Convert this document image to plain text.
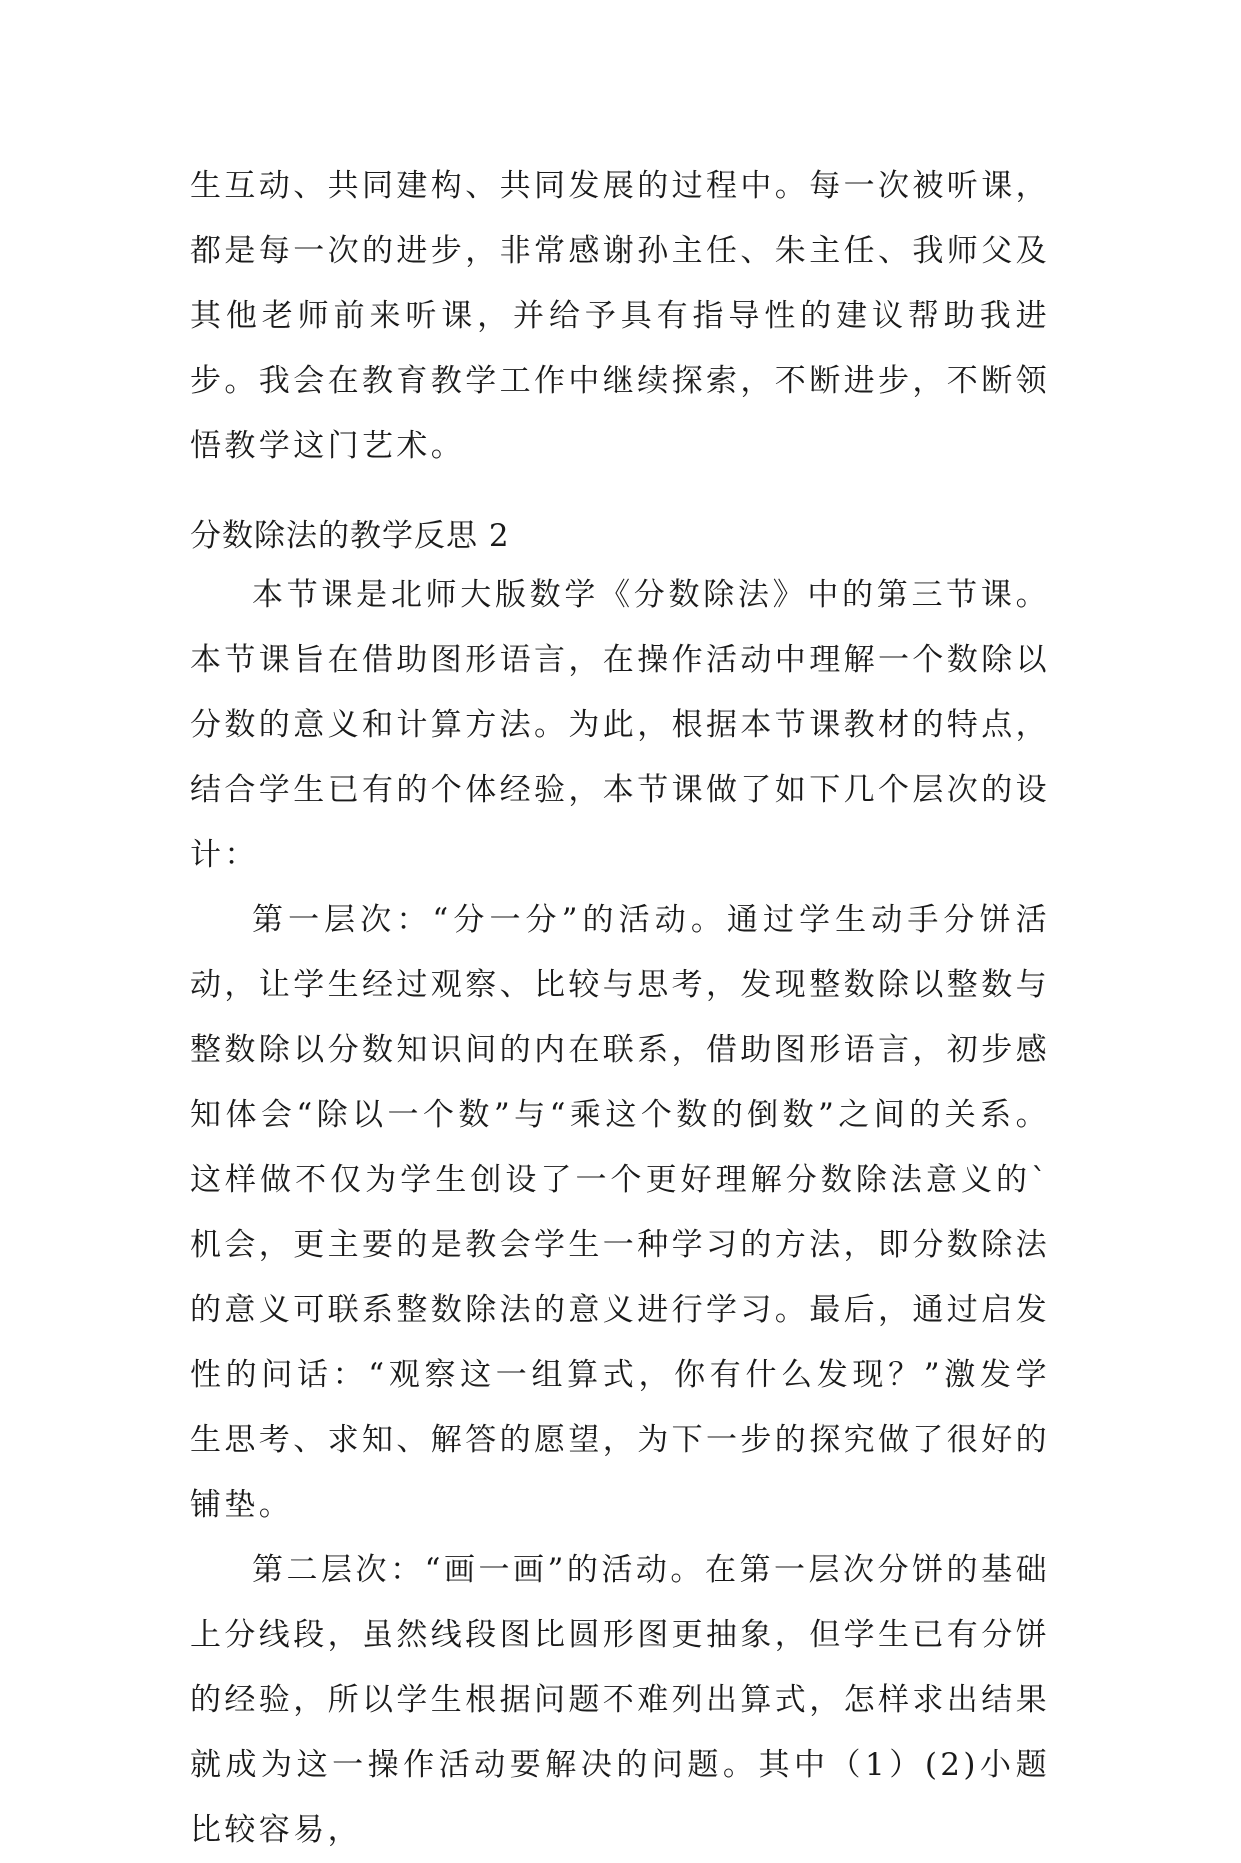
生互动、共同建构、共同发展的过程中。每一次被听课，都是每一次的进步，非常感谢孙主任、朱主任、我师父及其他老师前来听课，并给予具有指导性的建议帮助我进步。我会在教育教学工作中继续探索，不断进步，不断领悟教学这门艺术。

分数除法的教学反思 2

本节课是北师大版数学《分数除法》中的第三节课。本节课旨在借助图形语言，在操作活动中理解一个数除以分数的意义和计算方法。为此，根据本节课教材的特点，结合学生已有的个体经验，本节课做了如下几个层次的设计：

第一层次：“分一分”的活动。通过学生动手分饼活动，让学生经过观察、比较与思考，发现整数除以整数与整数除以分数知识间的内在联系，借助图形语言，初步感知体会“除以一个数”与“乘这个数的倒数”之间的关系。这样做不仅为学生创设了一个更好理解分数除法意义的`机会，更主要的是教会学生一种学习的方法，即分数除法的意义可联系整数除法的意义进行学习。最后，通过启发性的问话：“观察这一组算式，你有什么发现？”激发学生思考、求知、解答的愿望，为下一步的探究做了很好的铺垫。

第二层次：“画一画”的活动。在第一层次分饼的基础上分线段，虽然线段图比圆形图更抽象，但学生已有分饼的经验，所以学生根据问题不难列出算式，怎样求出结果就成为这一操作活动要解决的问题。其中（1）(2)小题比较容易，
